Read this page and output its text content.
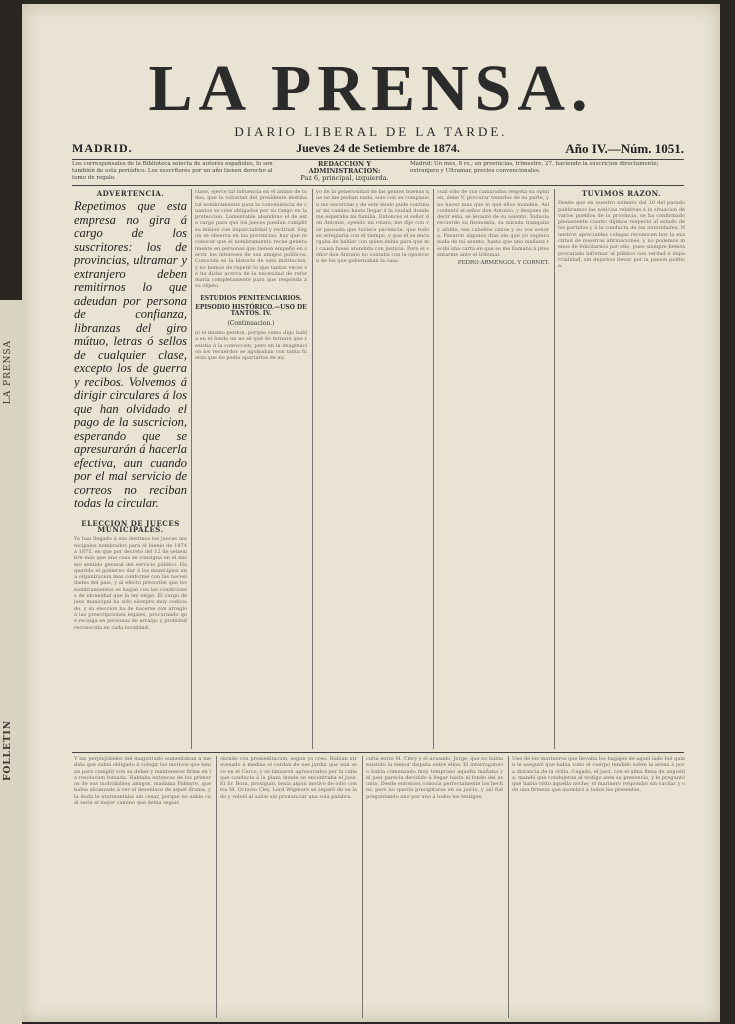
LA PRENSA
FOLLETIN
LA PRENSA.
DIARIO LIBERAL DE LA TARDE.
MADRID.	Jueves 24 de Setiembre de 1874.	Año IV.—Núm. 1051.
Los corresponsales de la Biblioteca selecta de autores españoles, lo son también de esta periódico. Los suscritores por un año tienen derecho al tomo de regalo.
REDACCION Y ADMINISTRACION:
Paz 6, principal, izquierda.
Madrid: Un mes, 8 rs.; en provincias, trimestre, 27, haciendo la suscricion directamente; extranjero y Ultramar, precios convencionales.
ADVERTENCIA.
Repetimos que esta empresa no gira á cargo de los suscritores: los de provincias, ultramar y extranjero deben remitirnos lo que adeudan por persona de confianza, libranzas del giro mútuo, letras ó sellos de cualquier clase, excepto los de guerra y recibos. Volvemos á dirigir circulares á los que han olvidado el pago de la suscricion, esperando que se apresurarán á hacerla efectiva, aun cuando por el mal servicio de correos no reciban todas la circular.
ELECCION DE JUECES MUNICIPALES.
Ya han llegado á sus destinos los jueces municipales nombrados para el bienio de 1874 á 1875, en que por decreto del 12 de setiembre más que una cosa se consigna en el mismo sentido general del servicio público. Ha querido el gobierno dar á los municipios una organizacion mas conforme con las necesidades del pais, y al efecto prescribe que los nombramientos se hagan con las condiciones de idoneidad que la ley exige. El cargo de juez municipal ha sido siempre muy codiciado, y su eleccion ha de hacerse con arreglo á las prescripciones legales, procurando que recaiga en personas de arraigo y probidad reconocida en cada localidad.
clase, ejerce tal influencia en el ánimo de todos, que la voluntad del presidente destina tal nombramiento para la conveniencia de cuantos se cree obligados por su rango en la proteccion. Lamentable abandono el de este cargo para que los jueces puedan cumplir su mision con imparcialidad y rectitud. Segun se observa en las provincias, hay que reconocer que el nombramiento recae generalmente en personas que tienen empeño en servir los intereses de sus amigos políticos. Conocida es la historia de esta institucion, y no hemos de repetir lo que tantas veces se ha dicho acerca de la necesidad de reformarla completamente para que responda á su objeto.
ESTUDIOS PENITENCIARIOS.
EPISODIO HISTÓRICO.—USO DE TANTOS. IV.
(Continuacion.)
ni el mismo perdon, porque como digo habia en el fondo un no sé qué de ternura que resistia á la conviccion, pero en la imaginacion los recuerdos se agolpaban con tanta fuerza que no podia apartarlos de mí.
yo de la generosidad de las gentes buenas que no me pedian nada, solo con su compasion me socorrian y de este modo pude continuar mi camino hasta llegar á la ciudad donde me esperaba mi familia. Entonces el señor don Antonio, oyendo mi relato, me dijo con voz pausada que tuviera paciencia, que todo se arreglaria con el tiempo, y que él se encargaba de hablar con quien debia para que mi causa fuese atendida con justicia. Pero el señor don Antonio no contaba con la oposicion de los que gobernaban la casa.
cual sólo de sus camaradas respeta su opinion, debe V. procurar tenerlos de su parte, y no hacer mas que lo que ellos manden. Así contestó el señor don Antonio, y despues de decir esto, se levantó de su asiento. Todavía recuerdo su fisonomía, su mirada tranquila y afable, sus cabellos canos y su voz sonora. Pasaron algunos dias sin que yo supiera nada de mi asunto, hasta que una mañana recibí una carta en que se me llamaba á presentarme ante el tribunal.
PEDRO ARMENGOL Y CORNET.
TUVIMOS RAZON.
Desde que en nuestro número del 20 del pasado publicamos las noticias relativas á la situacion de varios pueblos de la provincia, se ha confirmado plenamente cuanto dijimos respecto al estado de los partidos y á la conducta de las autoridades. Nuestros apreciables colegas reconocen hoy la exactitud de nuestras afirmaciones, y no podemos menos de felicitarnos por ello, pues siempre hemos procurado informar al público con verdad e imparcialidad, sin dejarnos llevar por la pasion política.
Y las perplejidades del magistrado aumentaban á medida que cabia obligado á colegir los motivos que tenian para cumplir con su deber y mantenerse firme en la resolucion tomada. Hablaba entonces de los primeros de sus inolvidables amigos, madama Palmyre, que habia alcanzado á ver el desenlace de aquel drama, y la duda le atormentaba sin cesar, porque no sabia cuál seria el mejor camino que debia seguir.
obrado con premeditacion, segun yo creo. Habian atravesado á medias el cordon de ese jardin que aun se ve en el Cerco, y se lanzaron apresurados por la calle que conducia á la plaza donde se encontraba el juez. El Sr. Bora, prosiguió, tenia algun motivo de odio contra M. Octavio Cley. Lord Wigmore se separó de su lado y volvió al salon sin pronunciar una sola palabra.
culta entre M. Clery y el acusado, Jorge, que no habia existido la menor disputa entre ellos. El interrogatorio habia comenzado muy temprano aquella mañana y el juez parecia decidido á llegar hasta el fondo del asunto. Desde entonces conocia perfectamente los hechos, pero no queria precipitarse en su juicio, y así fué preguntando uno por uno á todos los testigos.
Uno de los marineros que llevaba los bagajes de aquel lado fué quien le aseguró que habia visto el cuerpo tendido sobre la arena á poca distancia de la orilla. Cegado, el juez, con el alma llena de angustia, mandó que condujeran al testigo ante su presencia, y le preguntó qué habia visto aquella noche; el marinero respondió sin vacilar y con una firmeza que asombró á todos los presentes.
